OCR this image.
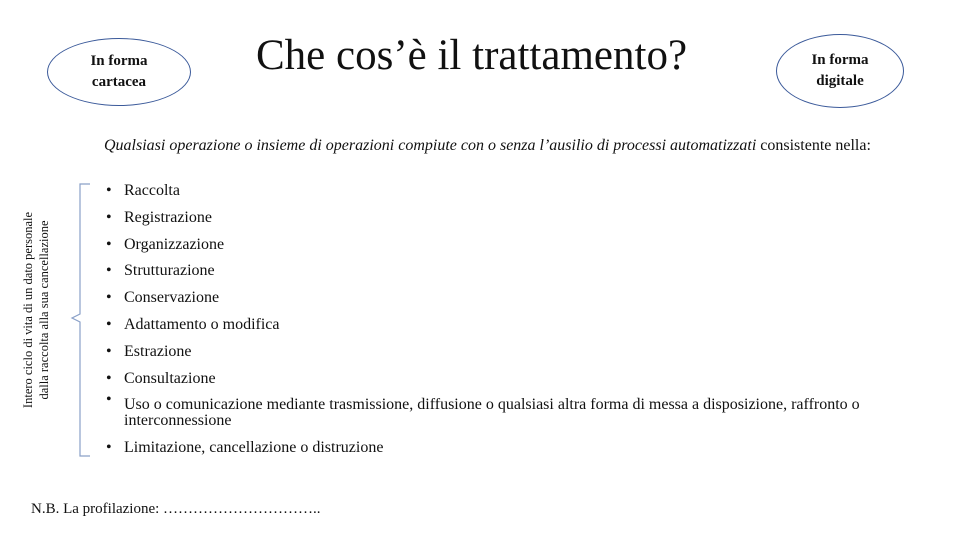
In forma
cartacea
Che cos’è il trattamento?	In forma
digitale
Intero ciclo di vita di un dato personale dalla raccolta alla sua cancellazione
Qualsiasi operazione o insieme di operazioni compiute con o senza l’ausilio di processi automatizzati consistente nella:
• Raccolta
• Registrazione
• Organizzazione
• Strutturazione
• Conservazione
• Adattamento o modifica
• Estrazione
• Consultazione
• Uso o comunicazione mediante trasmissione, diffusione o qualsiasi altra forma di messa a disposizione, raffronto o interconnessione
• Limitazione, cancellazione o distruzione
N.B. La profilazione: …………………………..
